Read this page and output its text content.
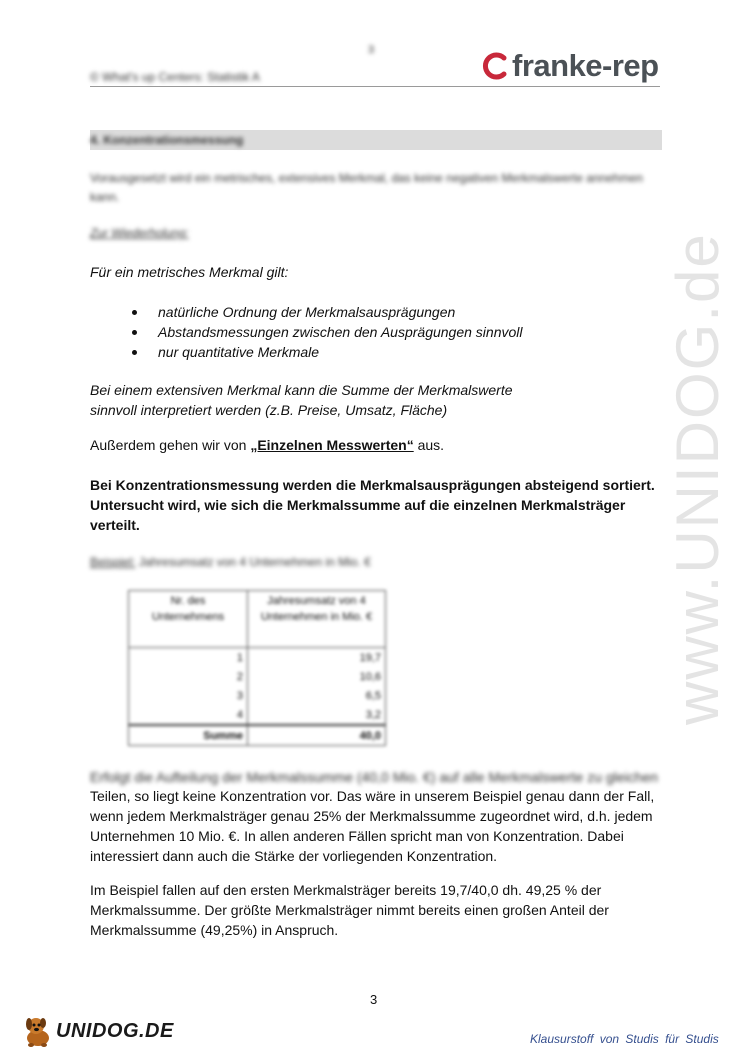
3
© What's up Centers: Statistik A	franke-rep
4. Konzentrationsmessung
Vorausgesetzt wird ein metrisches, extensives Merkmal, das keine negativen Merkmalswerte annehmen kann.
Zur Wiederholung:
Für ein metrisches Merkmal gilt:
natürliche Ordnung der Merkmalsausprägungen
Abstandsmessungen zwischen den Ausprägungen sinnvoll
nur quantitative Merkmale
Bei einem extensiven Merkmal kann die Summe der Merkmalswerte
sinnvoll interpretiert werden (z.B. Preise, Umsatz, Fläche)
Außerdem gehen wir von „Einzelnen Messwerten“ aus.
Bei Konzentrationsmessung werden die Merkmalsausprägungen absteigend sortiert. Untersucht wird, wie sich die Merkmalssumme auf die einzelnen Merkmalsträger verteilt.
Beispiel: Jahresumsatz von 4 Unternehmen in Mio. €
Nr. des Unternehmens	Jahresumsatz von 4 Unternehmen in Mio. €
1	19,7
2	10,6
3	6,5
4	3,2
Summe	40,0
Erfolgt die Aufteilung der Merkmalssumme (40,0 Mio. €) auf alle Merkmalswerte zu gleichen
Teilen, so liegt keine Konzentration vor. Das wäre in unserem Beispiel genau dann der Fall, wenn jedem Merkmalsträger genau 25% der Merkmalssumme zugeordnet wird, d.h. jedem Unternehmen 10 Mio. €. In allen anderen Fällen spricht man von Konzentration. Dabei interessiert dann auch die Stärke der vorliegenden Konzentration.
Im Beispiel fallen auf den ersten Merkmalsträger bereits 19,7/40,0 dh. 49,25 % der Merkmalssumme. Der größte Merkmalsträger nimmt bereits einen großen Anteil der Merkmalssumme (49,25%) in Anspruch.
3
www.UNIDOG.de
UNIDOG.DE	Klausurstoff von Studis für Studis
